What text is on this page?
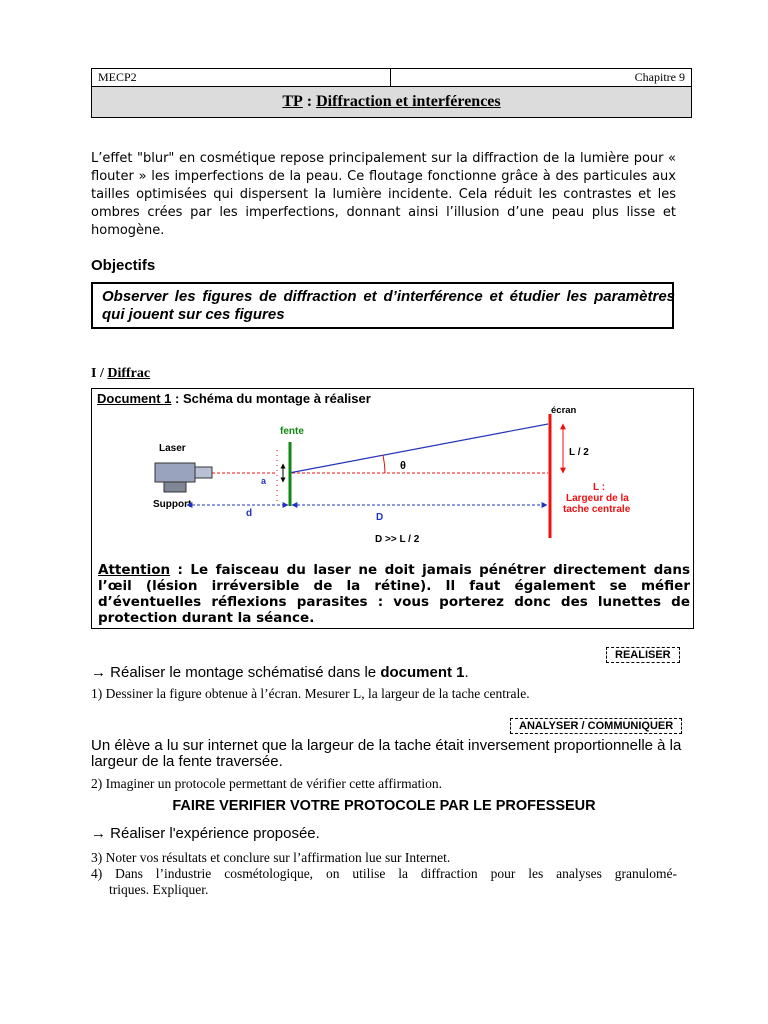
MECP2	Chapitre 9
TP : Diffraction et interférences
L’effet "blur" en cosmétique repose principalement sur la diffraction de la lumière pour « flouter » les imperfections de la peau. Ce floutage fonctionne grâce à des particules aux tailles optimisées qui dispersent la lumière incidente. Cela réduit les contrastes et les ombres crées par les imperfections, donnant ainsi l’illusion d’une peau plus lisse et homogène.
Objectifs
Observer les figures de diffraction et d’interférence et étudier les paramètres qui jouent sur ces figures
I / Diffrac
Document 1 : Schéma du montage à réaliser
Laser
Support
θ
fente
a
d	D
écran
L / 2
L :
Largeur de la
tache centrale
D >> L / 2
Attention : Le faisceau du laser ne doit jamais pénétrer directement dans l’œil (lésion irréversible de la rétine). Il faut également se méfier d’éventuelles réflexions parasites : vous porterez donc des lunettes de protection durant la séance.
REALISER
ANALYSER / COMMUNIQUER
→ Réaliser le montage schématisé dans le document 1.
1) Dessiner la figure obtenue à l’écran. Mesurer L, la largeur de la tache centrale.
Un élève a lu sur internet que la largeur de la tache était inversement proportionnelle à la largeur de la fente traversée.
2) Imaginer un protocole permettant de vérifier cette affirmation.
FAIRE VERIFIER VOTRE PROTOCOLE PAR LE PROFESSEUR
→ Réaliser l'expérience proposée.
3) Noter vos résultats et conclure sur l’affirmation lue sur Internet.
4) Dans l’industrie cosmétologique, on utilise la diffraction pour les analyses granulomé-
triques. Expliquer.
